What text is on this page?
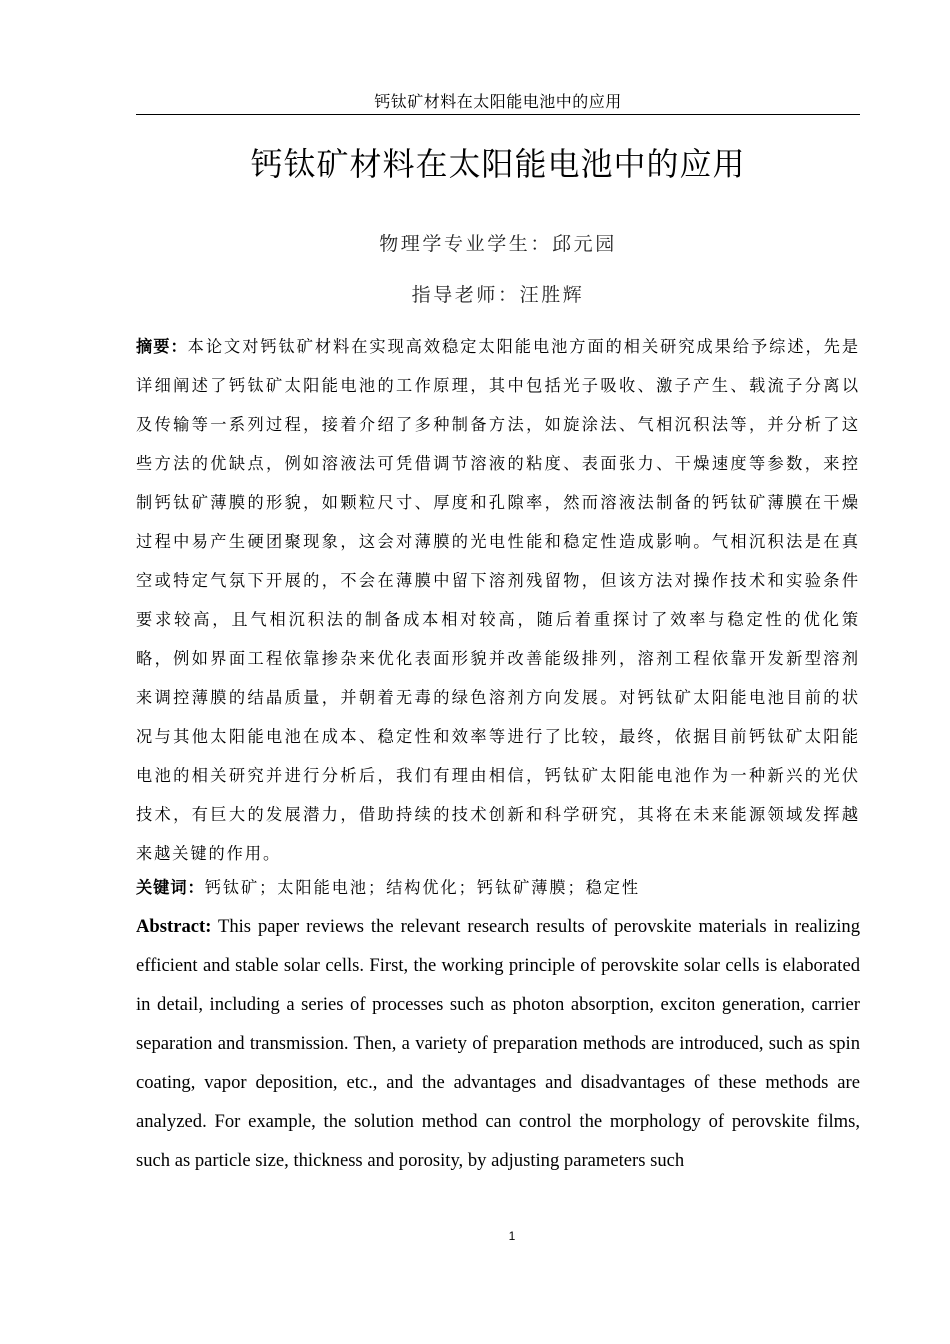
钙钛矿材料在太阳能电池中的应用
钙钛矿材料在太阳能电池中的应用
物理学专业学生：邱元园
指导老师：汪胜辉
摘要：本论文对钙钛矿材料在实现高效稳定太阳能电池方面的相关研究成果给予综述，先是详细阐述了钙钛矿太阳能电池的工作原理，其中包括光子吸收、激子产生、载流子分离以及传输等一系列过程，接着介绍了多种制备方法，如旋涂法、气相沉积法等，并分析了这些方法的优缺点，例如溶液法可凭借调节溶液的粘度、表面张力、干燥速度等参数，来控制钙钛矿薄膜的形貌，如颗粒尺寸、厚度和孔隙率，然而溶液法制备的钙钛矿薄膜在干燥过程中易产生硬团聚现象，这会对薄膜的光电性能和稳定性造成影响。气相沉积法是在真空或特定气氛下开展的，不会在薄膜中留下溶剂残留物，但该方法对操作技术和实验条件要求较高，且气相沉积法的制备成本相对较高，随后着重探讨了效率与稳定性的优化策略，例如界面工程依靠掺杂来优化表面形貌并改善能级排列，溶剂工程依靠开发新型溶剂来调控薄膜的结晶质量，并朝着无毒的绿色溶剂方向发展。对钙钛矿太阳能电池目前的状况与其他太阳能电池在成本、稳定性和效率等进行了比较，最终，依据目前钙钛矿太阳能电池的相关研究并进行分析后，我们有理由相信，钙钛矿太阳能电池作为一种新兴的光伏技术，有巨大的发展潜力，借助持续的技术创新和科学研究，其将在未来能源领域发挥越来越关键的作用。
关键词：钙钛矿；太阳能电池；结构优化；钙钛矿薄膜；稳定性
Abstract: This paper reviews the relevant research results of perovskite materials in realizing efficient and stable solar cells. First, the working principle of perovskite solar cells is elaborated in detail, including a series of processes such as photon absorption, exciton generation, carrier separation and transmission. Then, a variety of preparation methods are introduced, such as spin coating, vapor deposition, etc., and the advantages and disadvantages of these methods are analyzed. For example, the solution method can control the morphology of perovskite films, such as particle size, thickness and porosity, by adjusting parameters such
1
